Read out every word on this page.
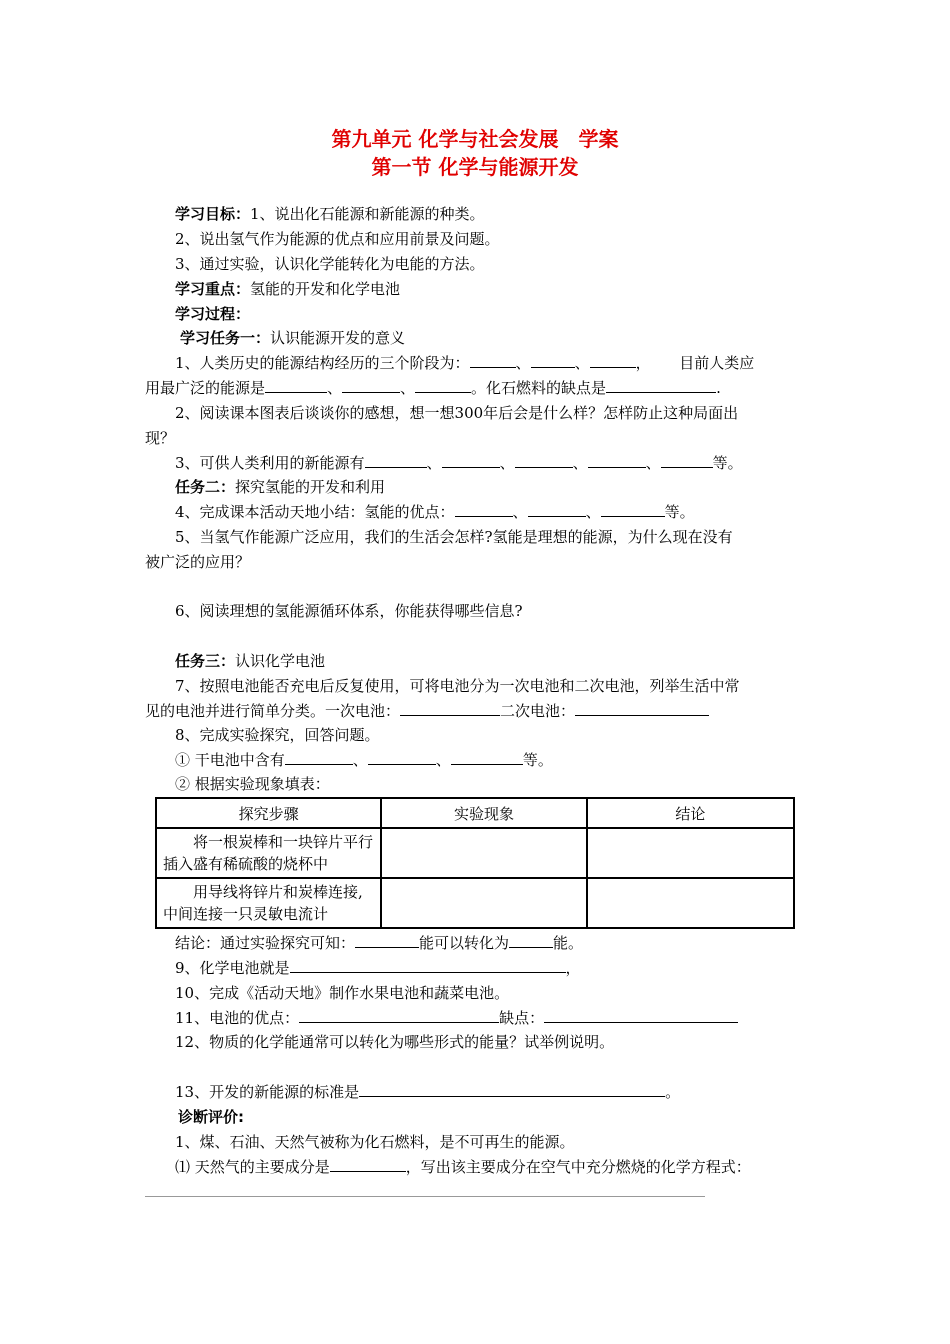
第九单元 化学与社会发展　学案
第一节 化学与能源开发
学习目标：1、说出化石能源和新能源的种类。
2、说出氢气作为能源的优点和应用前景及问题。
3、通过实验，认识化学能转化为电能的方法。
学习重点：氢能的开发和化学电池
学习过程：
学习任务一：认识能源开发的意义
1、人类历史的能源结构经历的三个阶段为：	、	、	，      目前人类应
用最广泛的能源是	、	、	。化石燃料的缺点是	.
2、阅读课本图表后谈谈你的感想，想一想300年后会是什么样？怎样防止这种局面出
现？
3、可供人类利用的新能源有	、	、	、	、	等。
任务二：探究氢能的开发和利用
4、完成课本活动天地小结：氢能的优点：	、	、	等。
5、当氢气作能源广泛应用，我们的生活会怎样?氢能是理想的能源，为什么现在没有
被广泛的应用？
6、阅读理想的氢能源循环体系，你能获得哪些信息?
任务三：认识化学电池
7、按照电池能否充电后反复使用，可将电池分为一次电池和二次电池，列举生活中常
见的电池并进行简单分类。一次电池：	二次电池：
8、完成实验探究，回答问题。
① 干电池中含有	、	、	等。
② 根据实验现象填表：
探究步骤	实验现象	结论

将一根炭棒和一块锌片平行插入盛有稀硫酸的烧杯中		

用导线将锌片和炭棒连接,中间连接一只灵敏电流计		

结论：通过实验探究可知：	能可以转化为	能。
9、化学电池就是	，
10、完成《活动天地》制作水果电池和蔬菜电池。
11、电池的优点：	缺点：
12、物质的化学能通常可以转化为哪些形式的能量？试举例说明。
13、开发的新能源的标准是	。
诊断评价:
1、煤、石油、天然气被称为化石燃料，是不可再生的能源。
⑴ 天然气的主要成分是	，写出该主要成分在空气中充分燃烧的化学方程式：
